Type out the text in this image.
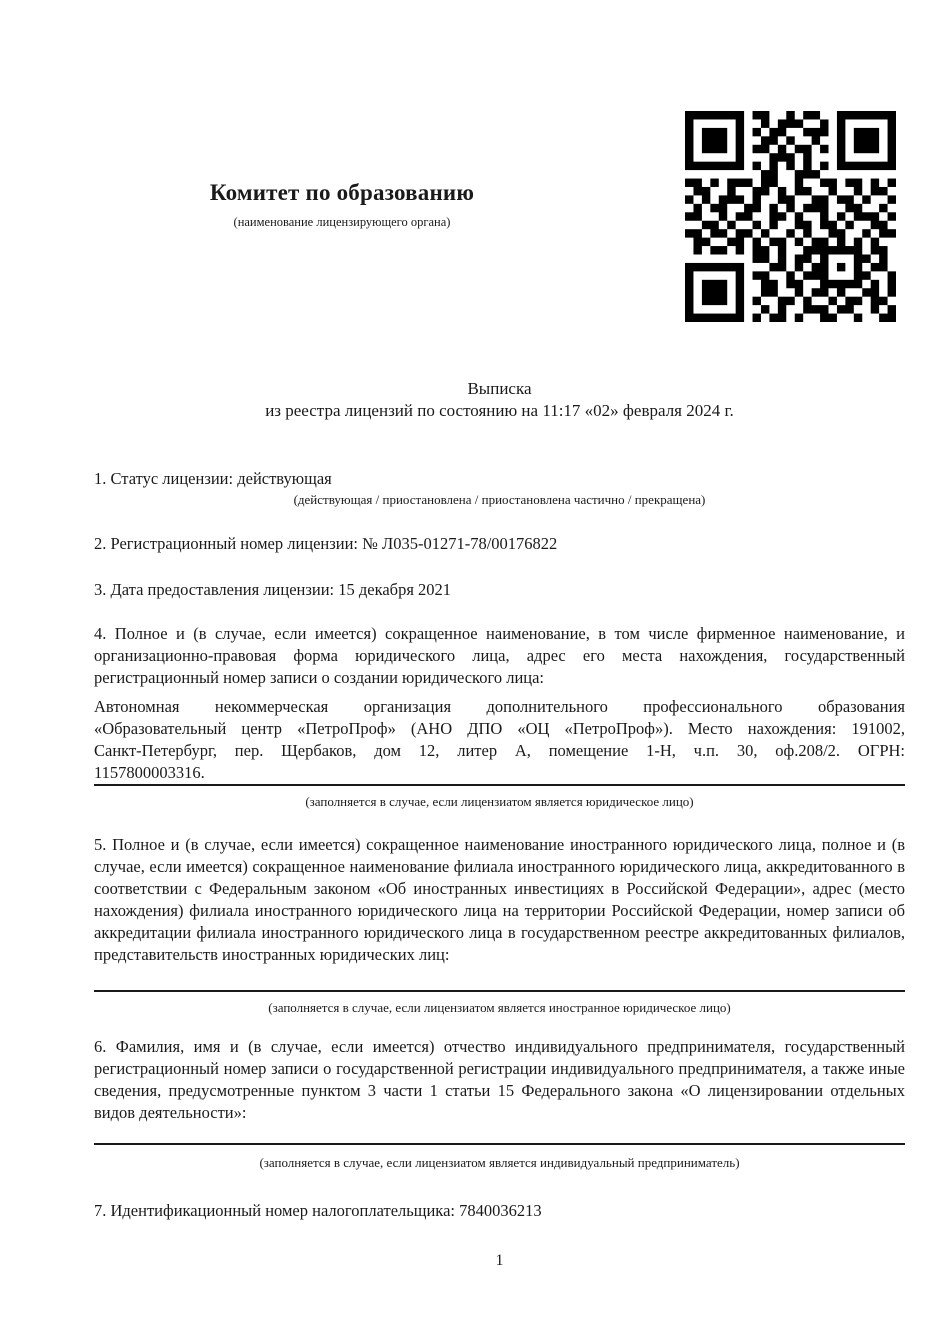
Комитет по образованию
(наименование лицензирующего органа)
Выписка
из реестра лицензий по состоянию на 11:17 «02» февраля 2024 г.

1. Статус лицензии: действующая

(действующая / приостановлена / приостановлена частично / прекращена)

2. Регистрационный номер лицензии: № Л035-01271-78/00176822

3. Дата предоставления лицензии: 15 декабря 2021

4. Полное и (в случае, если имеется) сокращенное наименование, в том числе фирменное наименование, и организационно-правовая форма юридического лица, адрес его места нахождения, государственный регистрационный номер записи о создании юридического лица:

Автономная некоммерческая организация дополнительного профессионального образования «Образовательный центр «ПетроПроф» (АНО ДПО «ОЦ «ПетроПроф»). Место нахождения: 191002, Санкт-Петербург, пер. Щербаков, дом 12, литер А, помещение 1-Н, ч.п. 30, оф.208/2. ОГРН: 1157800003316.

(заполняется в случае, если лицензиатом является юридическое лицо)

5. Полное и (в случае, если имеется) сокращенное наименование иностранного юридического лица, полное и (в случае, если имеется) сокращенное наименование филиала иностранного юридического лица, аккредитованного в соответствии с Федеральным законом «Об иностранных инвестициях в Российской Федерации», адрес (место нахождения) филиала иностранного юридического лица на территории Российской Федерации, номер записи об аккредитации филиала иностранного юридического лица в государственном реестре аккредитованных филиалов, представительств иностранных юридических лиц:

(заполняется в случае, если лицензиатом является иностранное юридическое лицо)

6. Фамилия, имя и (в случае, если имеется) отчество индивидуального предпринимателя, государственный регистрационный номер записи о государственной регистрации индивидуального предпринимателя, а также иные сведения, предусмотренные пунктом 3 части 1 статьи 15 Федерального закона «О лицензировании отдельных видов деятельности»:

(заполняется в случае, если лицензиатом является индивидуальный предприниматель)

7. Идентификационный номер налогоплательщика: 7840036213

1
